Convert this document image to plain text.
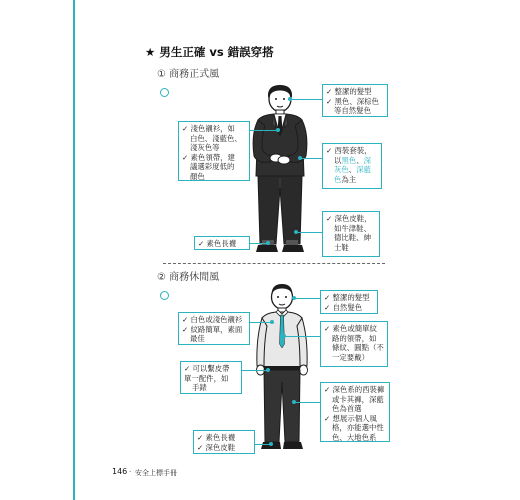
★ 男生正確 vs 錯誤穿搭
① 商務正式風
✓ 整潔的髮型
✓ 黑色、深棕色
等自然髮色
✓ 淺色襯衫，如
白色、淺藍色、
淺灰色等
✓ 素色領帶，建
議選彩度低的
顏色
✓ 西裝套裝，
以黑色、深
灰色、深藍
色為主
✓ 深色皮鞋，
如牛津鞋、
德比鞋、紳
士鞋
✓ 素色長襪
② 商務休閒風
✓ 整潔的髮型
✓ 自然髮色
✓ 白色或淺色襯衫
✓ 紋路簡單，素面
最佳
✓ 素色或簡單紋
路的領帶，如
條紋、圓點（不
一定要戴）
✓ 可以繫皮帶
單一配件，如
手錶	✓ 深色系的西裝褲
或卡其褲，深藍
色為首選
✓ 想展示個人風
格，亦能選中性
色、大地色系
✓ 素色長襪
✓ 深色皮鞋
146 · 安全上標手冊
